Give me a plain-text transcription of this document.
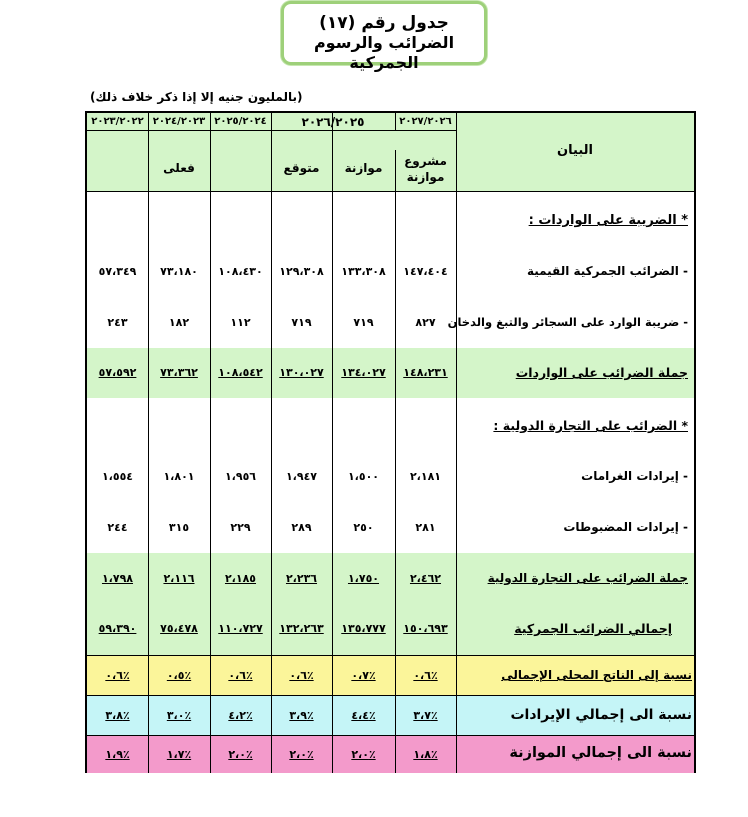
جدول رقم (١٧)
الضرائب والرسوم الجمركية
(بالمليون جنيه إلا إذا ذكر خلاف ذلك)
٢٠٢٣/٢٠٢٢ ٢٠٢٤/٢٠٢٣ ٢٠٢٥/٢٠٢٤	٢٠٢٦/٢٠٢٥	٢٠٢٧/٢٠٢٦
البيان
مشروع
موازنة
موازنة
متوقع
فعلى
* الضريبة على الواردات :
- الضرائب الجمركية القيمية
١٤٧،٤٠٤
١٣٣،٣٠٨
١٢٩،٣٠٨
١٠٨،٤٣٠
٧٣،١٨٠
٥٧،٣٤٩
- ضريبة الوارد على السجائر والتبغ والدخان
٨٢٧
٧١٩
٧١٩
١١٢
١٨٢
٢٤٣
جملة الضرائب على الواردات
١٤٨،٢٣١
١٣٤،٠٢٧
١٣٠،٠٢٧
١٠٨،٥٤٢
٧٣،٣٦٢
٥٧،٥٩٢
* الضرائب على التجارة الدولية :
- إيرادات الغرامات
٢،١٨١
١،٥٠٠
١،٩٤٧
١،٩٥٦
١،٨٠١
١،٥٥٤
- إيرادات المضبوطات
٢٨١
٢٥٠
٢٨٩
٢٢٩
٣١٥
٢٤٤
جملة الضرائب على التجارة الدولية
٢،٤٦٢
١،٧٥٠
٢،٢٣٦
٢،١٨٥
٢،١١٦
١،٧٩٨
إجمالي الضرائب الجمركية
١٥٠،٦٩٣
١٣٥،٧٧٧
١٣٢،٢٦٣
١١٠،٧٢٧
٧٥،٤٧٨
٥٩،٣٩٠
نسبة إلى الناتج المحلى الإجمالى
٠،٦٪
٠،٧٪
٠،٦٪
٠،٦٪
٠،٥٪
٠،٦٪
نسبة الى إجمالي الإيرادات
٣،٧٪
٤،٤٪
٣،٩٪
٤،٢٪
٣،٠٪
٣،٨٪
نسبة الى إجمالي الموازنة
١،٨٪
٢،٠٪
٢،٠٪
٢،٠٪
١،٧٪
١،٩٪
